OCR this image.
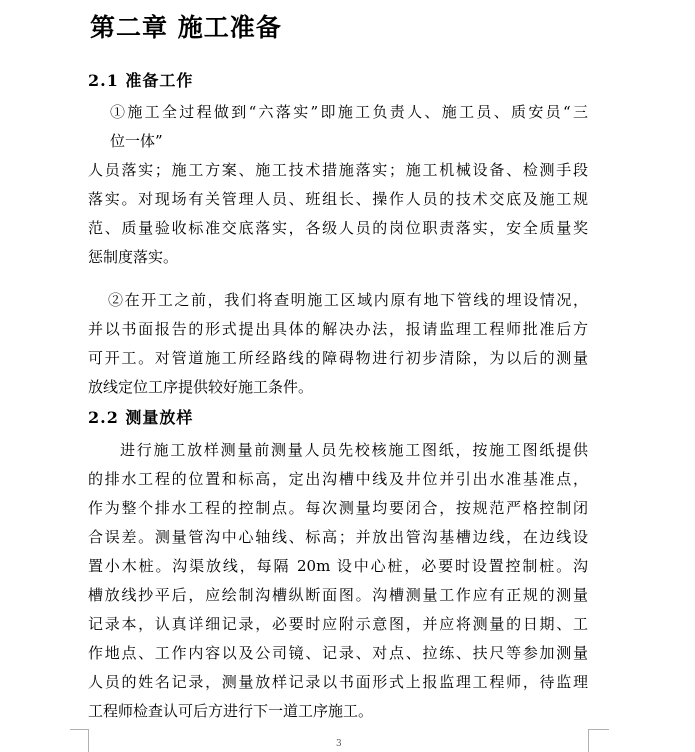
第二章 施工准备
2.1 准备工作
①施工全过程做到“六落实”即施工负责人、施工员、质安员“三
位一体”
人员落实；施工方案、施工技术措施落实；施工机械设备、检测手段
落实。对现场有关管理人员、班组长、操作人员的技术交底及施工规
范、质量验收标准交底落实，各级人员的岗位职责落实，安全质量奖
惩制度落实。
②在开工之前，我们将查明施工区域内原有地下管线的埋设情况，
并以书面报告的形式提出具体的解决办法，报请监理工程师批准后方
可开工。对管道施工所经路线的障碍物进行初步清除，为以后的测量
放线定位工序提供较好施工条件。
2.2 测量放样
进行施工放样测量前测量人员先校核施工图纸，按施工图纸提供
的排水工程的位置和标高，定出沟槽中线及井位并引出水准基准点，
作为整个排水工程的控制点。每次测量均要闭合，按规范严格控制闭
合误差。测量管沟中心轴线、标高；并放出管沟基槽边线，在边线设
置小木桩。沟渠放线，每隔 20m 设中心桩，必要时设置控制桩。沟
槽放线抄平后，应绘制沟槽纵断面图。沟槽测量工作应有正规的测量
记录本，认真详细记录，必要时应附示意图，并应将测量的日期、工
作地点、工作内容以及公司镜、记录、对点、拉练、扶尺等参加测量
人员的姓名记录，测量放样记录以书面形式上报监理工程师，待监理
工程师检查认可后方进行下一道工序施工。
3
